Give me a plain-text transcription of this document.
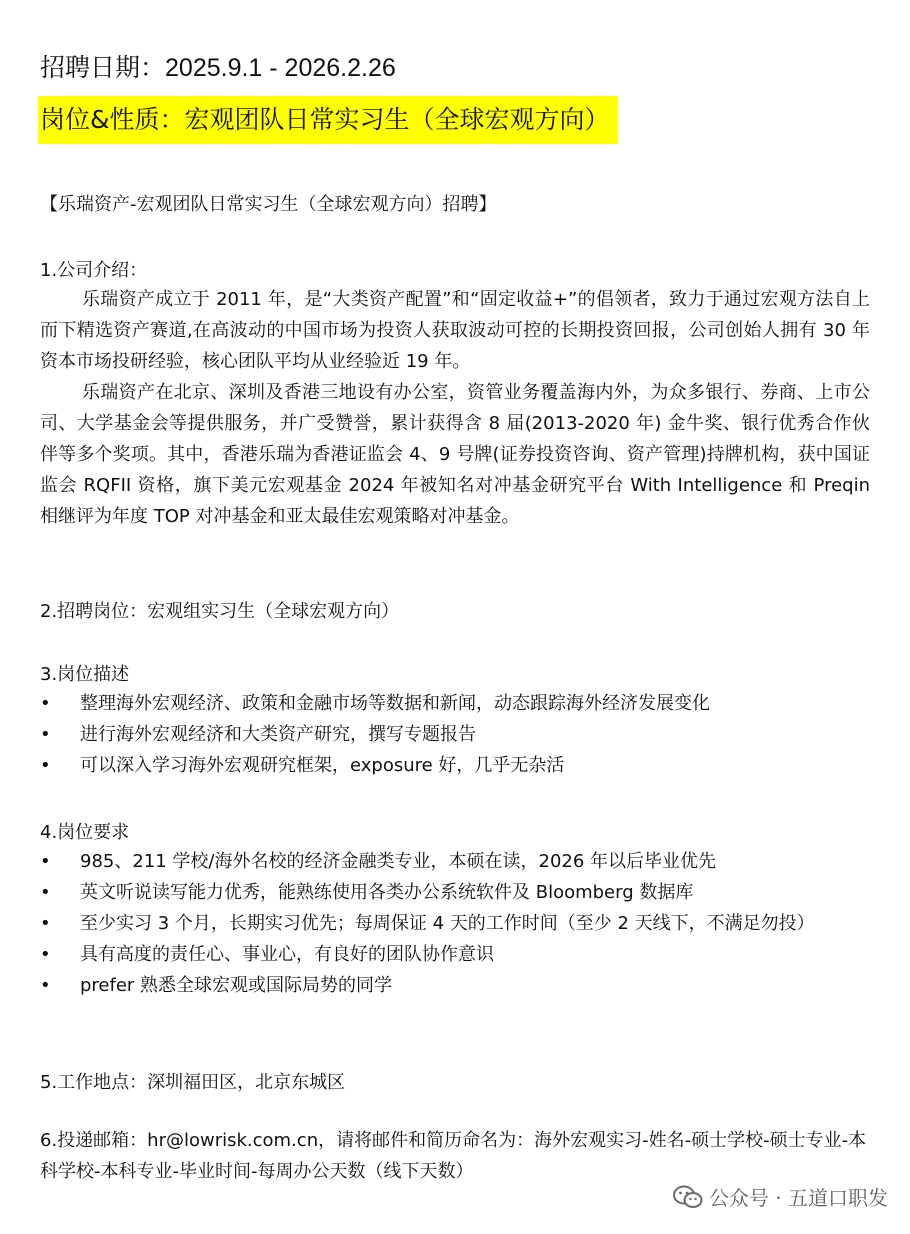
招聘日期：2025.9.1 - 2026.2.26
岗位&性质：宏观团队日常实习生（全球宏观方向）
【乐瑞资产-宏观团队日常实习生（全球宏观方向）招聘】
1.公司介绍：
乐瑞资产成立于 2011 年，是“大类资产配置”和“固定收益+”的倡领者，致力于通过宏观方法自上而下精选资产赛道,在高波动的中国市场为投资人获取波动可控的长期投资回报，公司创始人拥有 30 年资本市场投研经验，核心团队平均从业经验近 19 年。
乐瑞资产在北京、深圳及香港三地设有办公室，资管业务覆盖海内外，为众多银行、券商、上市公司、大学基金会等提供服务，并广受赞誉，累计获得含 8 届(2013-2020 年) 金牛奖、银行优秀合作伙伴等多个奖项。其中，香港乐瑞为香港证监会 4、9 号牌(证券投资咨询、资产管理)持牌机构，获中国证监会 RQFII 资格，旗下美元宏观基金 2024 年被知名对冲基金研究平台 With Intelligence 和 Preqin 相继评为年度 TOP 对冲基金和亚太最佳宏观策略对冲基金。
2.招聘岗位：宏观组实习生（全球宏观方向）
3.岗位描述
•	整理海外宏观经济、政策和金融市场等数据和新闻，动态跟踪海外经济发展变化
•	进行海外宏观经济和大类资产研究，撰写专题报告
•	可以深入学习海外宏观研究框架，exposure 好，几乎无杂活
4.岗位要求
•	985、211 学校/海外名校的经济金融类专业，本硕在读，2026 年以后毕业优先
•	英文听说读写能力优秀，能熟练使用各类办公系统软件及 Bloomberg 数据库
•	至少实习 3 个月，长期实习优先；每周保证 4 天的工作时间（至少 2 天线下，不满足勿投）
•	具有高度的责任心、事业心，有良好的团队协作意识
•	prefer 熟悉全球宏观或国际局势的同学
5.工作地点：深圳福田区，北京东城区
6.投递邮箱：hr@lowrisk.com.cn，请将邮件和简历命名为：海外宏观实习-姓名-硕士学校-硕士专业-本科学校-本科专业-毕业时间-每周办公天数（线下天数）
公众号 · 五道口职发
